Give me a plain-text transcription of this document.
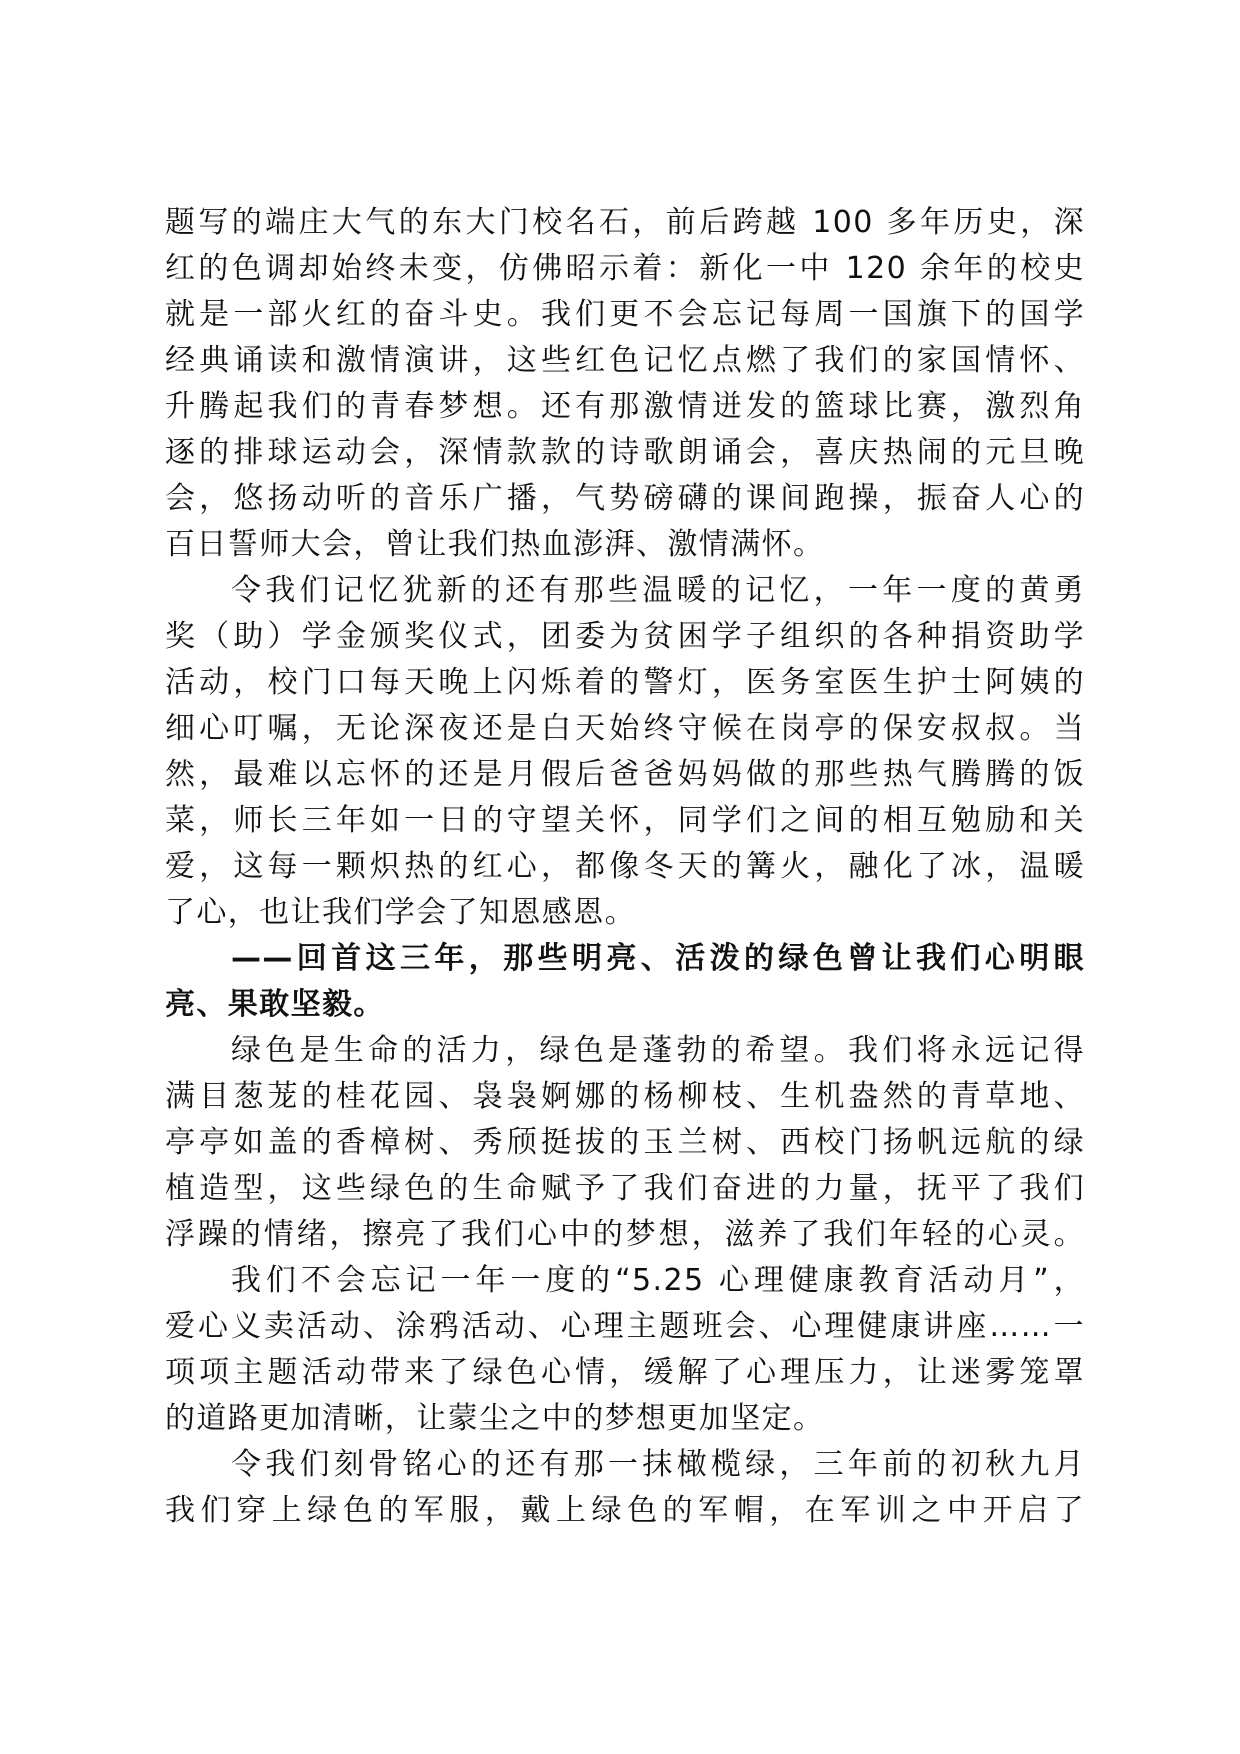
题写的端庄大气的东大门校名石，前后跨越 100 多年历史，深
红的色调却始终未变，仿佛昭示着：新化一中 120 余年的校史
就是一部火红的奋斗史。我们更不会忘记每周一国旗下的国学
经典诵读和激情演讲，这些红色记忆点燃了我们的家国情怀、
升腾起我们的青春梦想。还有那激情迸发的篮球比赛，激烈角
逐的排球运动会，深情款款的诗歌朗诵会，喜庆热闹的元旦晚
会，悠扬动听的音乐广播，气势磅礴的课间跑操，振奋人心的
百日誓师大会，曾让我们热血澎湃、激情满怀。
令我们记忆犹新的还有那些温暖的记忆，一年一度的黄勇
奖（助）学金颁奖仪式，团委为贫困学子组织的各种捐资助学
活动，校门口每天晚上闪烁着的警灯，医务室医生护士阿姨的
细心叮嘱，无论深夜还是白天始终守候在岗亭的保安叔叔。当
然，最难以忘怀的还是月假后爸爸妈妈做的那些热气腾腾的饭
菜，师长三年如一日的守望关怀，同学们之间的相互勉励和关
爱，这每一颗炽热的红心，都像冬天的篝火，融化了冰，温暖
了心，也让我们学会了知恩感恩。
——回首这三年，那些明亮、活泼的绿色曾让我们心明眼
亮、果敢坚毅。
绿色是生命的活力，绿色是蓬勃的希望。我们将永远记得
满目葱茏的桂花园、袅袅婀娜的杨柳枝、生机盎然的青草地、
亭亭如盖的香樟树、秀颀挺拔的玉兰树、西校门扬帆远航的绿
植造型，这些绿色的生命赋予了我们奋进的力量，抚平了我们
浮躁的情绪，擦亮了我们心中的梦想，滋养了我们年轻的心灵。
我们不会忘记一年一度的“5.25 心理健康教育活动月”，
爱心义卖活动、涂鸦活动、心理主题班会、心理健康讲座……一
项项主题活动带来了绿色心情，缓解了心理压力，让迷雾笼罩
的道路更加清晰，让蒙尘之中的梦想更加坚定。
令我们刻骨铭心的还有那一抹橄榄绿，三年前的初秋九月
我们穿上绿色的军服，戴上绿色的军帽，在军训之中开启了
